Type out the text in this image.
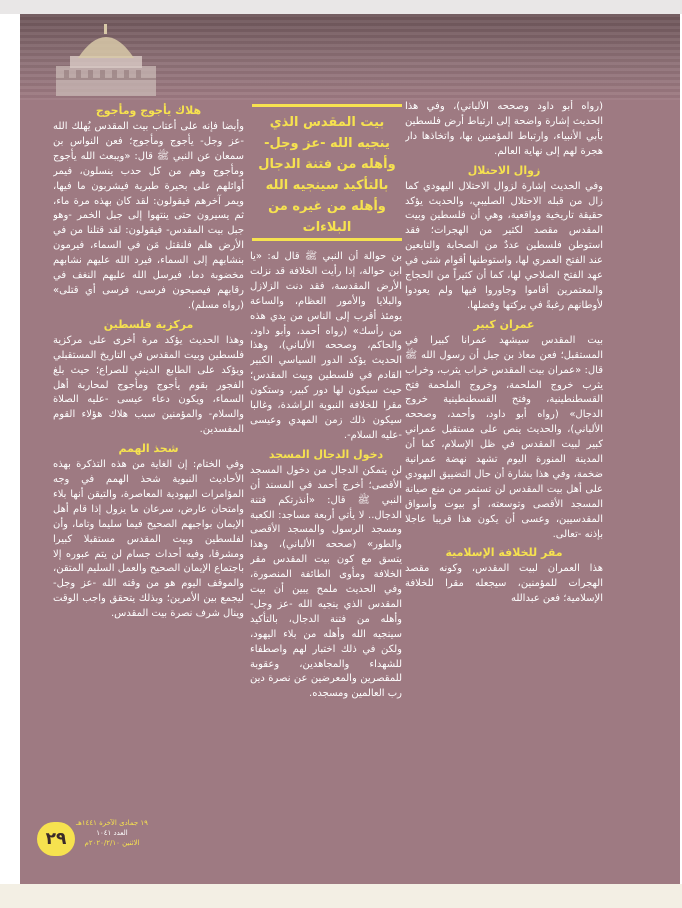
(رواه أبو داود وصححه الألباني)، وفي هذا الحديث إشارة واضحة إلى ارتباط أرض فلسطين بأبي الأنبياء، وارتباط المؤمنين بها، واتخاذها دار هجرة لهم إلى نهاية العالم.

زوال الاحتلال

وفي الحديث إشارة لزوال الاحتلال اليهودي كما زال من قبله الاحتلال الصليبي، والحديث يؤكد حقيقة تاريخية وواقعية، وهي أن فلسطين وبيت المقدس مقصد لكثير من الهجرات؛ فقد استوطن فلسطين عددٌ من الصحابة والتابعين عند الفتح العمري لها، واستوطنها أقوام شتى في عهد الفتح الصلاحي لها، كما أن كثيراً من الحجاج والمعتمرين أقاموا وجاوروا فيها ولم يعودوا لأوطانهم رغبةً في بركتها وفضلها.

عمران كبير

بيت المقدس سيشهد عمرانا كبيرا في المستقبل؛ فعن معاذ بن جبل أن رسول الله ﷺ قال: «عمران بيت المقدس خراب يثرب، وخراب يثرب خروج الملحمة، وخروج الملحمة فتح القسطنطينية، وفتح القسطنطينية خروج الدجال» (رواه أبو داود، وأحمد، وصححه الألباني)، والحديث ينص على مستقبل عمراني كبير لبيت المقدس في ظل الإسلام، كما أن المدينة المنورة اليوم تشهد نهضة عمرانية ضخمة، وفي هذا بشارة أن حال التضييق اليهودي على أهل بيت المقدس لن تستمر من منع صيانة المسجد الأقصى وتوسعته، أو بيوت وأسواق المقدسيين، وعسى أن يكون هذا قريبا عاجلا بإذنه -تعالى.

مقر للخلافة الإسلامية

هذا العمران لبيت المقدس، وكونه مقصد الهجرات للمؤمنين، سيجعله مقرا للخلافة الإسلامية؛ فعن عبدالله

بيت المقدس الذي ينجيه الله -عز وجل- وأهله من فتنة الدجال بالتأكيد سينجيه الله وأهله من غيره من البلاءات

بن حوالة أن النبي ﷺ قال له: «يا ابن حوالة، إذا رأيت الخلافة قد نزلت الأرض المقدسة، فقد دنت الزلازل والبلايا والأمور العظام، والساعة يومئذ أقرب إلى الناس من يدي هذه من رأسك» (رواه أحمد، وأبو داود، والحاكم، وصححه الألباني)، وهذا الحديث يؤكد الدور السياسي الكبير القادم في فلسطين وبيت المقدس؛ حيث سيكون لها دور كبير، وستكون مقرا للخلافة النبوية الراشدة، وغالبا سيكون ذلك زمن المهدي وعيسى -عليه السلام-.

دخول الدجال المسجد

لن يتمكن الدجال من دخول المسجد الأقصى؛ أخرج أحمد في المسند أن النبي ﷺ قال: «أنذرتكم فتنة الدجال.. لا يأتي أربعة مساجد: الكعبة ومسجد الرسول والمسجد الأقصى والطور» (صححه الألباني)، وهذا يتسق مع كون بيت المقدس مقر الخلافة ومأوى الطائفة المنصورة، وفي الحديث ملمح يبين أن بيت المقدس الذي ينجيه الله -عز وجل- وأهله من فتنة الدجال، بالتأكيد سينجيه الله وأهله من بلاء اليهود، ولكن في ذلك اختبار لهم واصطفاء للشهداء والمجاهدين، وعقوبة للمقصرين والمعرضين عن نصرة دين رب العالمين ومسجده.

هلاك يأجوج ومأجوج

وأيضا فإنه على أعتاب بيت المقدس يُهلك الله -عز وجل- يأجوج ومأجوج؛ فعن النواس بن سمعان عن النبي ﷺ قال: «ويبعث الله يأجوج ومأجوج وهم من كل حدب ينسلون، فيمر أوائلهم على بحيرة طبرية فيشربون ما فيها، ويمر آخرهم فيقولون: لقد كان بهذه مرة ماء، ثم يسيرون حتى ينتهوا إلى جبل الخمر -وهو جبل بيت المقدس- فيقولون: لقد قتلنا من في الأرض هلم فلنقتل مَن في السماء، فيرمون بنشابهم إلى السماء، فيرد الله عليهم نشابهم مخضوبة دما، فيرسل الله عليهم النغف في رقابهم فيصبحون فرسى، فرسى أي قتلى» (رواه مسلم).

مركزية فلسطين

وهذا الحديث يؤكد مرة أخرى على مركزية فلسطين وبيت المقدس في التاريخ المستقبلي ويؤكد على الطابع الديني للصراع؛ حيث بلغ الفجور بقوم يأجوج ومأجوج لمحاربة أهل السماء، ويكون دعاء عيسى -عليه الصلاة والسلام- والمؤمنين سبب هلاك هؤلاء القوم المفسدين.

شحذ الهمم

وفي الختام: إن الغاية من هذه التذكرة بهذه الأحاديث النبوية شحذ الهمم في وجه المؤامرات اليهودية المعاصرة، والتيقن أنها بلاء وامتحان عارض، سرعان ما يزول إذا قام أهل الإيمان بواجبهم الصحيح فيما سليما وتاما، وأن لفلسطين وبيت المقدس مستقبلا كبيرا ومشرقا، وفيه أحداث جسام لن يتم عبوره إلا باجتماع الإيمان الصحيح والعمل السليم المتقن، والموقف اليوم هو من وقته الله -عز وجل- ليجمع بين الأمرين؛ وبذلك يتحقق واجب الوقت وينال شرف نصرة بيت المقدس.

٢٩
١٩ جمادى الآخرة ١٤٤١هـ
العدد ١٠٤١
الاثنين ٢٠٢٠/٢/١٠م
